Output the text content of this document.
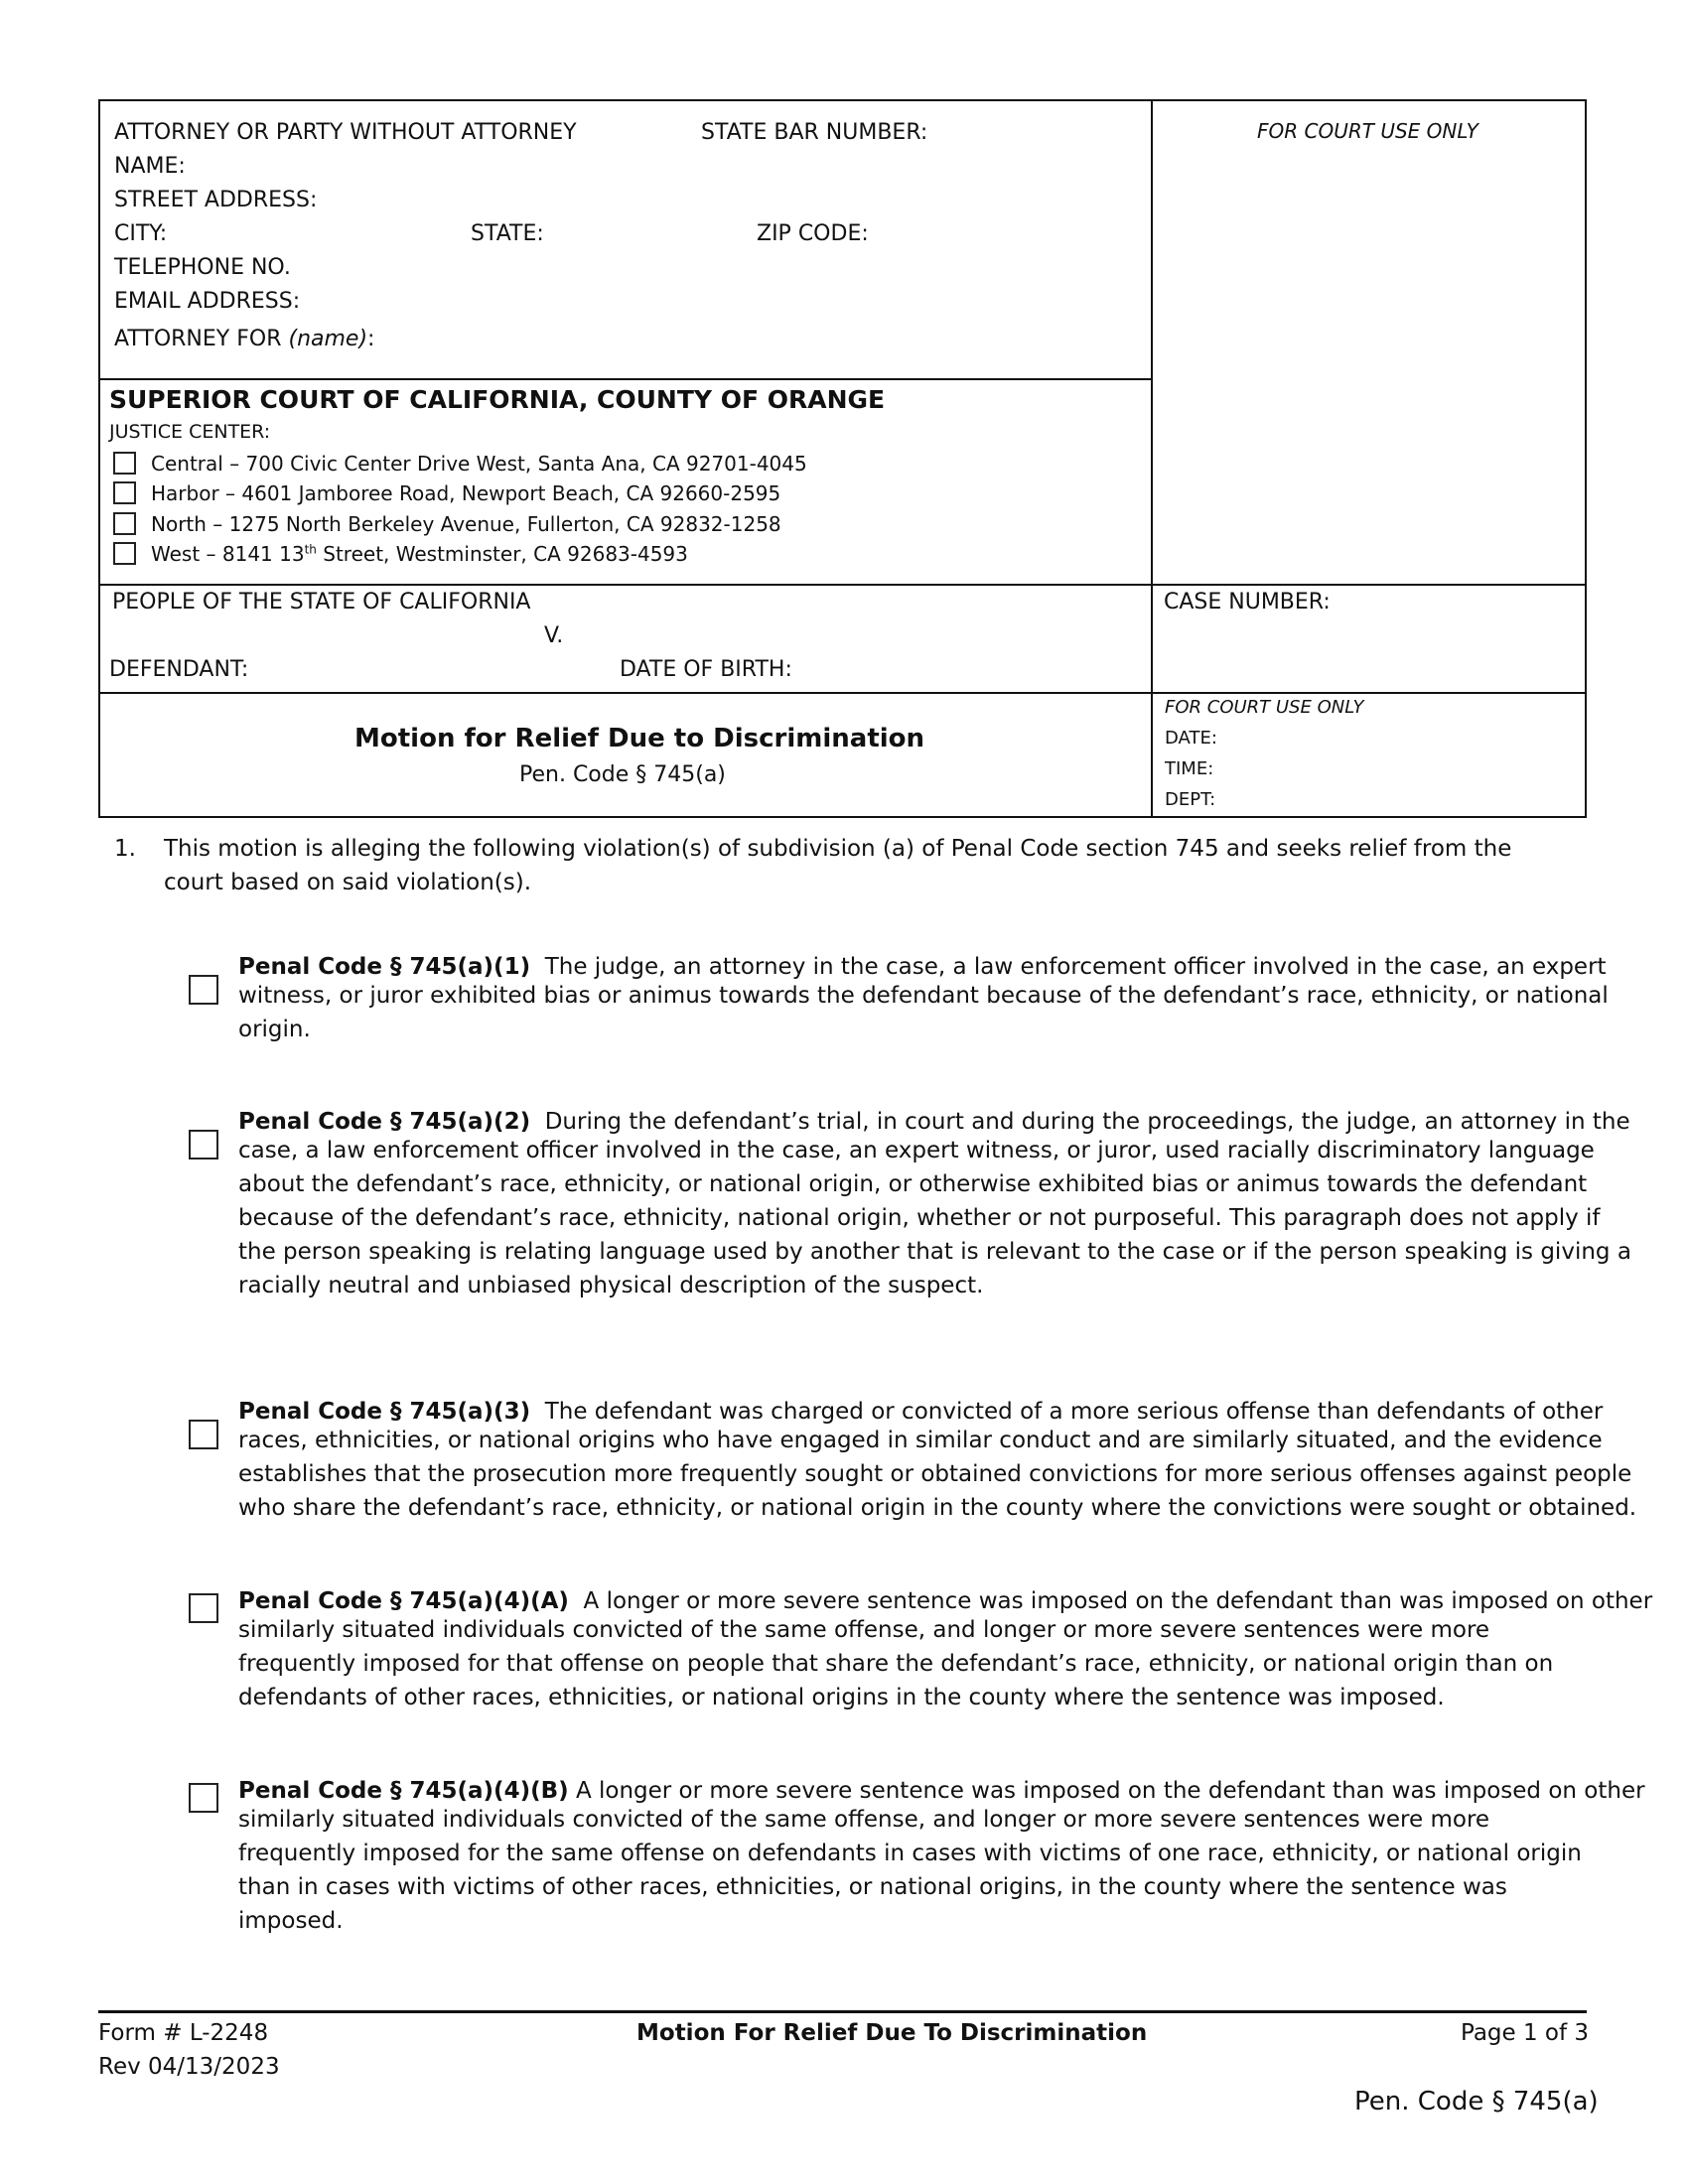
ATTORNEY OR PARTY WITHOUT ATTORNEY	STATE BAR NUMBER:
NAME:
STREET ADDRESS:
CITY:	STATE:	ZIP CODE:
TELEPHONE NO.
EMAIL ADDRESS:
ATTORNEY FOR (name):
FOR COURT USE ONLY
SUPERIOR COURT OF CALIFORNIA, COUNTY OF ORANGE
JUSTICE CENTER:
Central – 700 Civic Center Drive West, Santa Ana, CA 92701-4045
Harbor – 4601 Jamboree Road, Newport Beach, CA 92660-2595
North – 1275 North Berkeley Avenue, Fullerton, CA 92832-1258
West – 8141 13th Street, Westminster, CA 92683-4593
PEOPLE OF THE STATE OF CALIFORNIA
V.
DEFENDANT:	DATE OF BIRTH:
CASE NUMBER:
Motion for Relief Due to Discrimination
Pen. Code § 745(a)
FOR COURT USE ONLY
DATE:
TIME:
DEPT:
1. This motion is alleging the following violation(s) of subdivision (a) of Penal Code section 745 and seeks relief from the
court based on said violation(s).
Penal Code § 745(a)(1) The judge, an attorney in the case, a law enforcement officer involved in the case, an expert
witness, or juror exhibited bias or animus towards the defendant because of the defendant’s race, ethnicity, or national
origin.
Penal Code § 745(a)(2) During the defendant’s trial, in court and during the proceedings, the judge, an attorney in the
case, a law enforcement officer involved in the case, an expert witness, or juror, used racially discriminatory language
about the defendant’s race, ethnicity, or national origin, or otherwise exhibited bias or animus towards the defendant
because of the defendant’s race, ethnicity, national origin, whether or not purposeful. This paragraph does not apply if
the person speaking is relating language used by another that is relevant to the case or if the person speaking is giving a
racially neutral and unbiased physical description of the suspect.
Penal Code § 745(a)(3) The defendant was charged or convicted of a more serious offense than defendants of other
races, ethnicities, or national origins who have engaged in similar conduct and are similarly situated, and the evidence
establishes that the prosecution more frequently sought or obtained convictions for more serious offenses against people
who share the defendant’s race, ethnicity, or national origin in the county where the convictions were sought or obtained.
Penal Code § 745(a)(4)(A) A longer or more severe sentence was imposed on the defendant than was imposed on other
similarly situated individuals convicted of the same offense, and longer or more severe sentences were more
frequently imposed for that offense on people that share the defendant’s race, ethnicity, or national origin than on
defendants of other races, ethnicities, or national origins in the county where the sentence was imposed.
Penal Code § 745(a)(4)(B) A longer or more severe sentence was imposed on the defendant than was imposed on other
similarly situated individuals convicted of the same offense, and longer or more severe sentences were more
frequently imposed for the same offense on defendants in cases with victims of one race, ethnicity, or national origin
than in cases with victims of other races, ethnicities, or national origins, in the county where the sentence was
imposed.
Form # L-2248
Rev 04/13/2023
Motion For Relief Due To Discrimination	Page 1 of 3
Pen. Code § 745(a)
